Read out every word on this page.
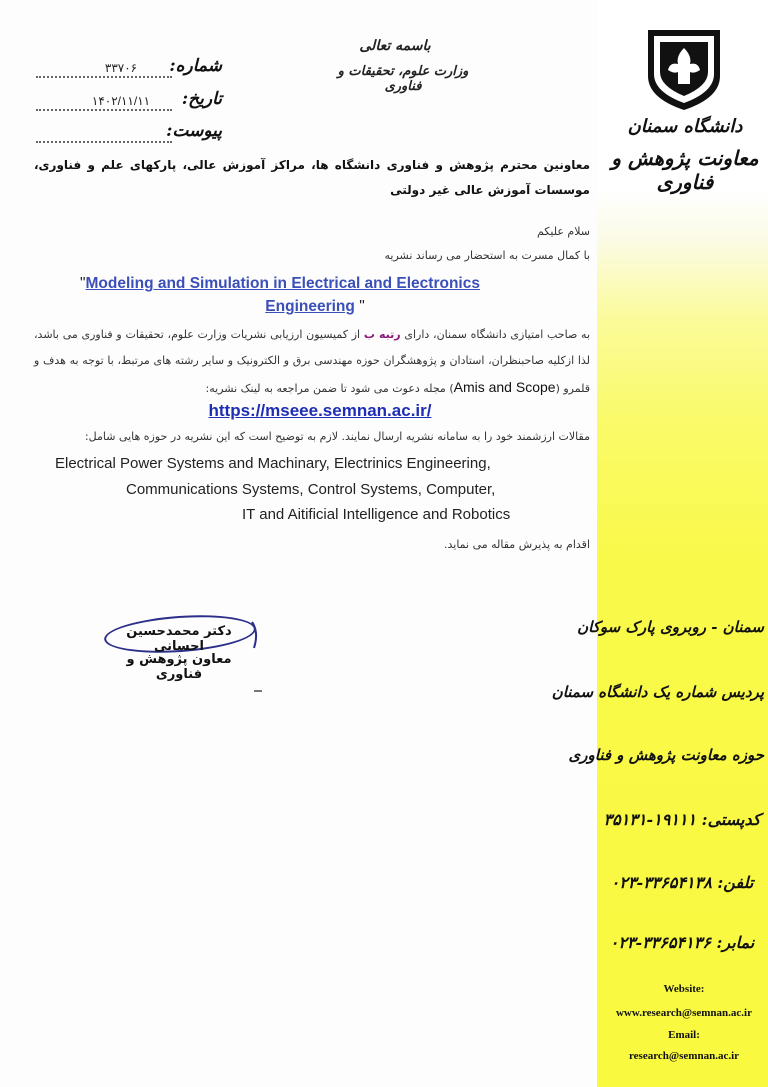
دانشگاه سمنان
معاونت پژوهش و فناوری
سمنان - روبروی پارک سوکان
پردیس شماره یک دانشگاه سمنان
حوزه معاونت پژوهش و فناوری
کدپستی: ۱۹۱۱۱-۳۵۱۳۱
تلفن: ۳۳۶۵۴۱۳۸-۰۲۳
نمابر: ۳۳۶۵۴۱۳۶-۰۲۳
Website:
www.research@semnan.ac.ir
Email:
research@semnan.ac.ir
باسمه تعالی
وزارت علوم، تحقیقات و فناوری
۳۳۷۰۶	شماره:
۱۴۰۲/۱۱/۱۱	تاریخ:
پیوست:
معاونین محترم پژوهش و فناوری دانشگاه ها، مراکز آموزش عالی، پارکهای علم و فناوری، موسسات آموزش عالی غیر دولتی
سلام علیکم
با کمال مسرت به استحضار می رساند نشریه
"Modeling and Simulation in Electrical and Electronics
Engineering "
به صاحب امتیازی دانشگاه سمنان، دارای رتبه ب از کمیسیون ارزیابی نشریات وزارت علوم، تحقیقات و فناوری می باشد، لذا ازکلیه صاحبنظران، استادان و پژوهشگران حوزه مهندسی برق و الکترونیک و سایر رشته های مرتبط، با توجه به هدف و قلمرو (Amis and Scope) مجله دعوت می شود تا ضمن مراجعه به لینک نشریه:
https://mseee.semnan.ac.ir/
مقالات ارزشمند خود را به سامانه نشریه ارسال نمایند. لازم به توضیح است که این نشریه در حوزه هایی شامل:
Electrical Power Systems and Machinary, Electrinics Engineering,
Communications Systems, Control Systems, Computer,
IT and Aitificial Intelligence and Robotics
اقدام به پذیرش مقاله می نماید.
دکتر محمدحسین احسانی
معاون پژوهش و فناوری
